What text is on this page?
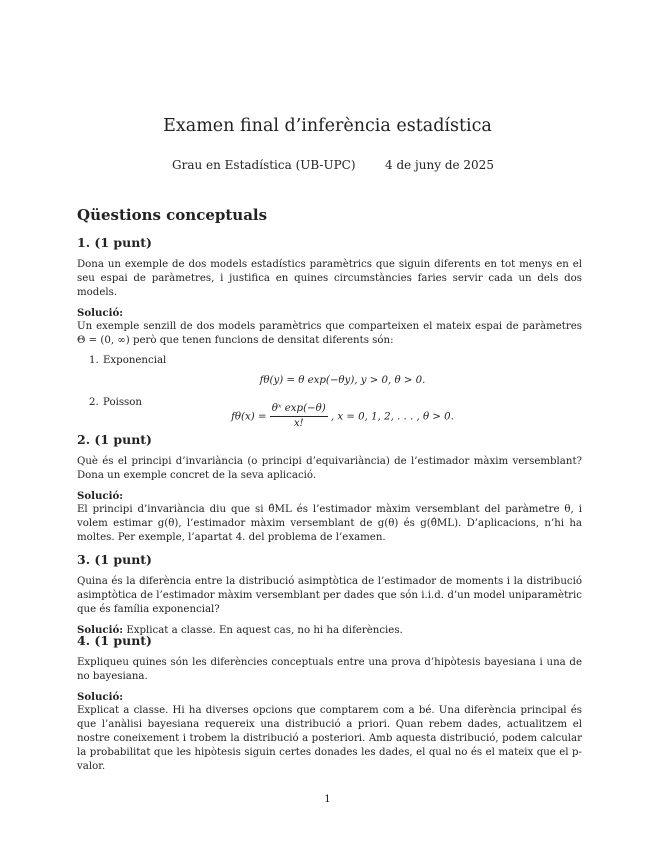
Examen final d’inferència estadística
Grau en Estadística (UB-UPC) 4 de juny de 2025
Qüestions conceptuals
1. (1 punt)

Dona un exemple de dos models estadístics paramètrics que siguin diferents en tot menys en el seu espai de paràmetres, i justifica en quines circumstàncies faries servir cada un dels dos models.

Solució:

Un exemple senzill de dos models paramètrics que comparteixen el mateix espai de paràmetres Θ = (0, ∞) però que tenen funcions de densitat diferents són:

1. Exponencial
fθ(y) = θ exp(−θy), y > 0, θ > 0.
2. Poisson
$f\theta(x) = \frac{\text{θˣ exp(−θ)}}{x!}$ , x = 0, 1, 2, . . . , θ > 0.
2. (1 punt)

Què és el principi d’invariància (o principi d’equivariància) de l’estimador màxim versemblant? Dona un exemple concret de la seva aplicació.

Solució:

El principi d’invariància diu que si θ̂ML és l’estimador màxim versemblant del paràmetre θ, i volem estimar g(θ), l’estimador màxim versemblant de g(θ) és g(θ̂ML). D’aplicacions, n’hi ha moltes. Per exemple, l’apartat 4. del problema de l’examen.

3. (1 punt)

Quina és la diferència entre la distribució asimptòtica de l’estimador de moments i la distribució asimptòtica de l’estimador màxim versemblant per dades que són i.i.d. d’un model uniparamètric que és família exponencial?

Solució: Explicat a classe. En aquest cas, no hi ha diferències.

4. (1 punt)

Expliqueu quines són les diferències conceptuals entre una prova d’hipòtesis bayesiana i una de no bayesiana.

Solució:

Explicat a classe. Hi ha diverses opcions que comptarem com a bé. Una diferència principal és que l’anàlisi bayesiana requereix una distribució a priori. Quan rebem dades, actualitzem el nostre coneixement i trobem la distribució a posteriori. Amb aquesta distribució, podem calcular la probabilitat que les hipòtesis siguin certes donades les dades, el qual no és el mateix que el p-valor.

1
